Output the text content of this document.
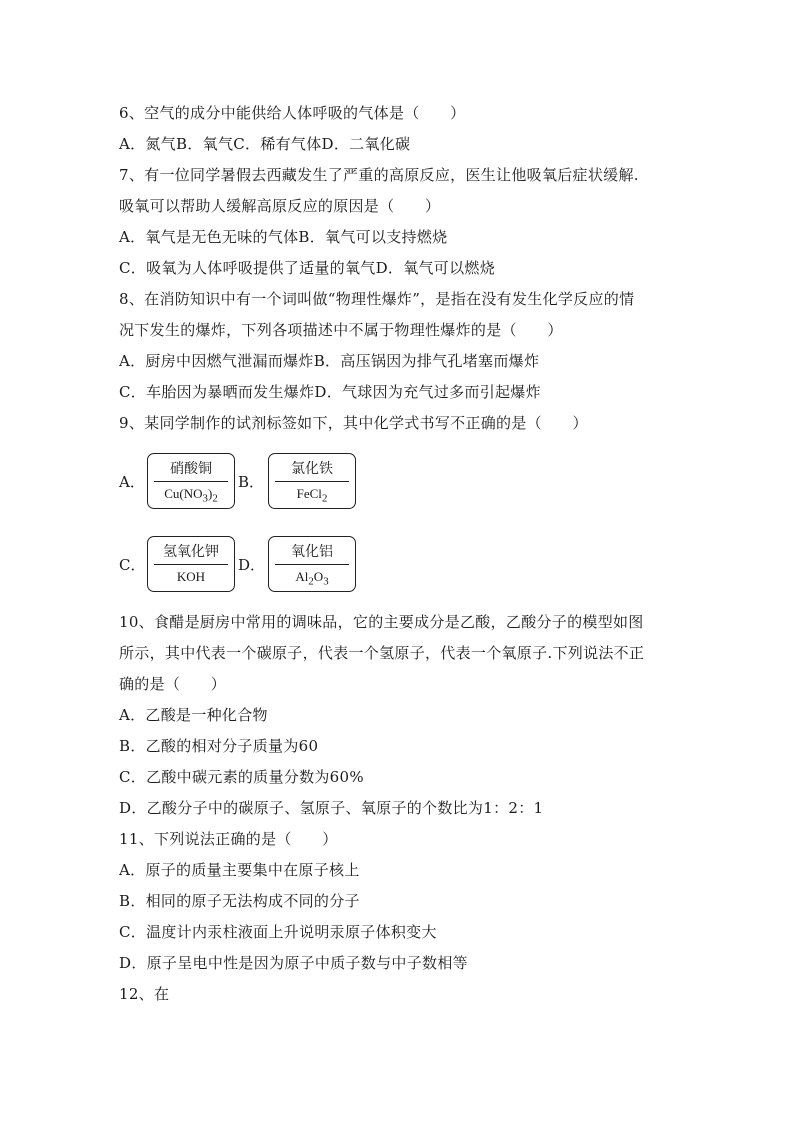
6、空气的成分中能供给人体呼吸的气体是（　　）
A．氮气B．氧气C．稀有气体D．二氧化碳
7、有一位同学暑假去西藏发生了严重的高原反应，医生让他吸氧后症状缓解.
吸氧可以帮助人缓解高原反应的原因是（　　）
A．氧气是无色无味的气体B．氧气可以支持燃烧
C．吸氧为人体呼吸提供了适量的氧气D．氧气可以燃烧
8、在消防知识中有一个词叫做“物理性爆炸”，是指在没有发生化学反应的情
况下发生的爆炸，下列各项描述中不属于物理性爆炸的是（　　）
A．厨房中因燃气泄漏而爆炸B．高压锅因为排气孔堵塞而爆炸
C．车胎因为暴晒而发生爆炸D．气球因为充气过多而引起爆炸
9、某同学制作的试剂标签如下，其中化学式书写不正确的是（　　）
A．
硝酸铜
$Cu(NO_3)_2$
B．
氯化铁
FeCl$_2$
C．
氢氧化钾
KOH
D．
氧化铝
$Al_2O_3$
10、食醋是厨房中常用的调味品，它的主要成分是乙酸，乙酸分子的模型如图
所示，其中代表一个碳原子，代表一个氢原子，代表一个氧原子.下列说法不正
确的是（　　）
A．乙酸是一种化合物
B．乙酸的相对分子质量为60
C．乙酸中碳元素的质量分数为60%
D．乙酸分子中的碳原子、氢原子、氧原子的个数比为1：2：1
11、下列说法正确的是（　　）
A．原子的质量主要集中在原子核上
B．相同的原子无法构成不同的分子
C．温度计内汞柱液面上升说明汞原子体积变大
D．原子呈电中性是因为原子中质子数与中子数相等
12、在
